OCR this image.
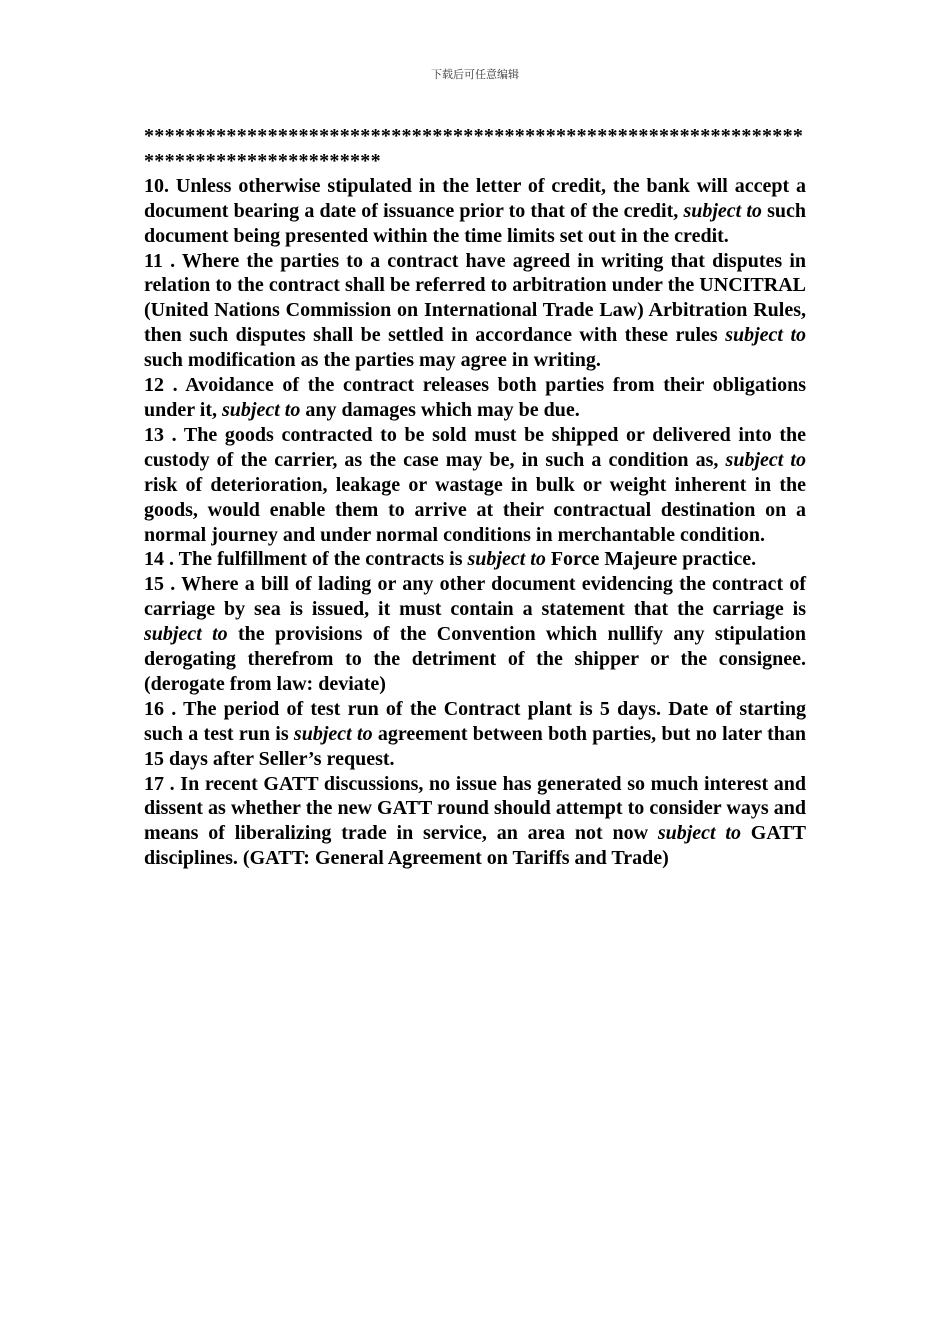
下载后可任意编辑

***************************************************************************************

10. Unless otherwise stipulated in the letter of credit, the bank will accept a document bearing a date of issuance prior to that of the credit, subject to such document being presented within the time limits set out in the credit.

11 . Where the parties to a contract have agreed in writing that disputes in relation to the contract shall be referred to arbitration under the UNCITRAL (United Nations Commission on International Trade Law) Arbitration Rules, then such disputes shall be settled in accordance with these rules subject to such modification as the parties may agree in writing.

12 . Avoidance of the contract releases both parties from their obligations under it, subject to any damages which may be due.

13 . The goods contracted to be sold must be shipped or delivered into the custody of the carrier, as the case may be, in such a condition as, subject to risk of deterioration, leakage or wastage in bulk or weight inherent in the goods, would enable them to arrive at their contractual destination on a normal journey and under normal conditions in merchantable condition.

14 . The fulfillment of the contracts is subject to Force Majeure practice.

15 . Where a bill of lading or any other document evidencing the contract of carriage by sea is issued, it must contain a statement that the carriage is subject to the provisions of the Convention which nullify any stipulation derogating therefrom to the detriment of the shipper or the consignee. (derogate from law: deviate)

16 . The period of test run of the Contract plant is 5 days. Date of starting such a test run is subject to agreement between both parties, but no later than 15 days after Seller’s request.

17 . In recent GATT discussions, no issue has generated so much interest and dissent as whether the new GATT round should attempt to consider ways and means of liberalizing trade in service, an area not now subject to GATT disciplines. (GATT: General Agreement on Tariffs and Trade)
